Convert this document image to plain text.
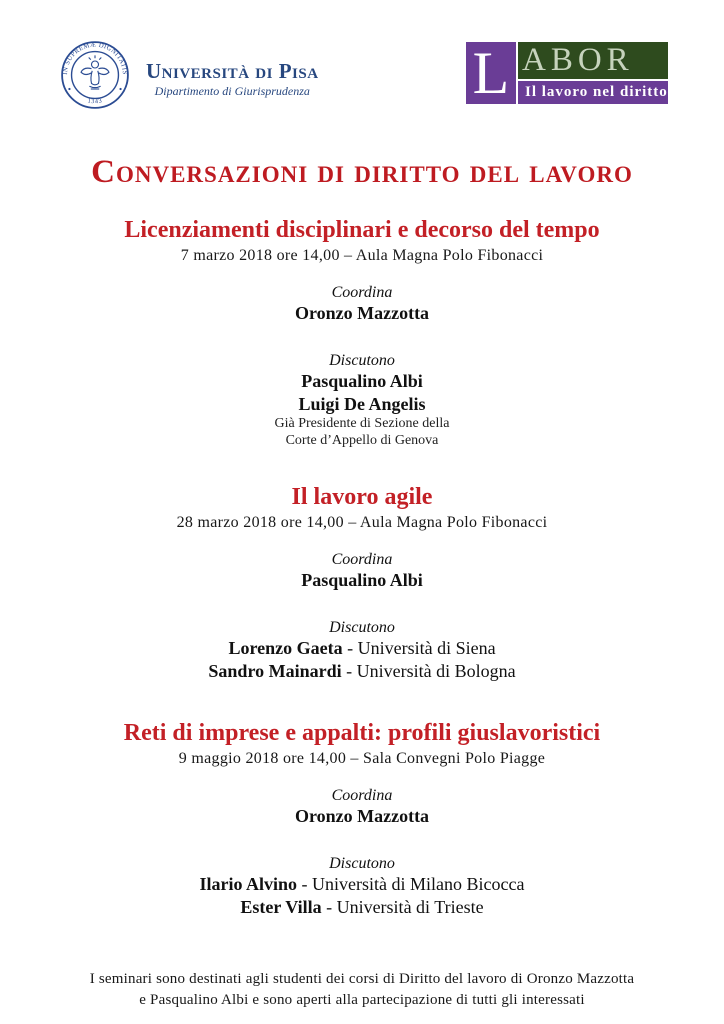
IN SUPREMÆ DIGNITATIS
1343
Università di Pisa
Dipartimento di Giurisprudenza	L ABOR
Il lavoro nel diritto
Conversazioni di diritto del lavoro
Licenziamenti disciplinari e decorso del tempo
7 marzo 2018 ore 14,00 – Aula Magna Polo Fibonacci
Coordina
Oronzo Mazzotta
Discutono
Pasqualino Albi
Luigi De Angelis
Già Presidente di Sezione della
Corte d’Appello di Genova
Il lavoro agile
28 marzo 2018 ore 14,00 – Aula Magna Polo Fibonacci
Coordina
Pasqualino Albi
Discutono
Lorenzo Gaeta - Università di Siena
Sandro Mainardi - Università di Bologna
Reti di imprese e appalti: profili giuslavoristici
9 maggio 2018 ore 14,00 – Sala Convegni Polo Piagge
Coordina
Oronzo Mazzotta
Discutono
Ilario Alvino - Università di Milano Bicocca
Ester Villa - Università di Trieste
I seminari sono destinati agli studenti dei corsi di Diritto del lavoro di Oronzo Mazzotta
e Pasqualino Albi e sono aperti alla partecipazione di tutti gli interessati
